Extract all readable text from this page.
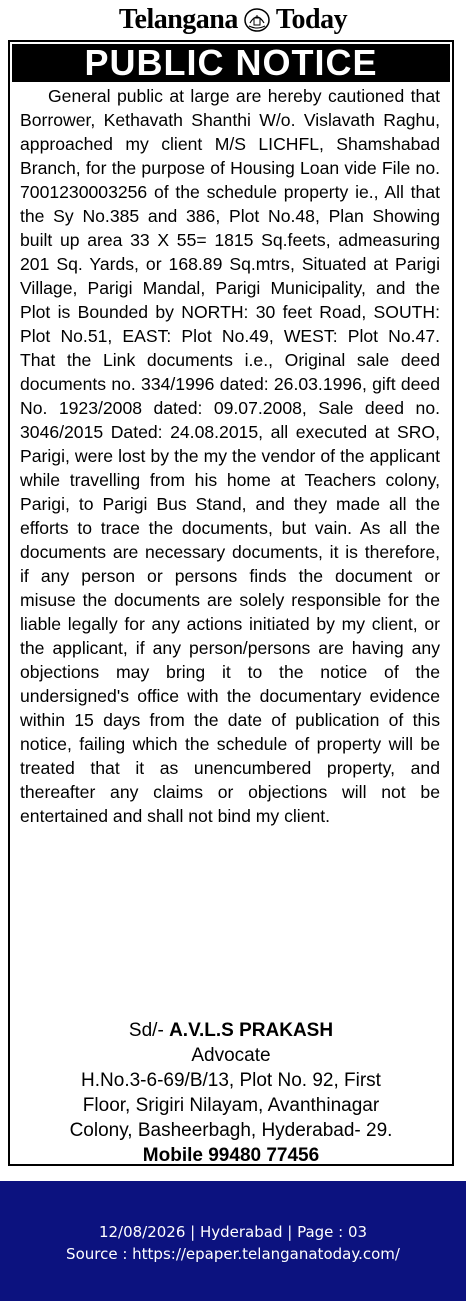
Telangana Today
PUBLIC NOTICE

General public at large are hereby cautioned that Borrower, Kethavath Shanthi W/o. Vislavath Raghu, approached my client M/S LICHFL, Shamshabad Branch, for the purpose of Housing Loan vide File no. 7001230003256 of the schedule property ie., All that the Sy No.385 and 386, Plot No.48, Plan Showing built up area 33 X 55= 1815 Sq.feets, admeasuring 201 Sq. Yards, or 168.89 Sq.mtrs, Situated at Parigi Village, Parigi Mandal, Parigi Municipality, and the Plot is Bounded by NORTH: 30 feet Road, SOUTH: Plot No.51, EAST: Plot No.49, WEST: Plot No.47. That the Link documents i.e., Original sale deed documents no. 334/1996 dated: 26.03.1996, gift deed No. 1923/2008 dated: 09.07.2008, Sale deed no. 3046/2015 Dated: 24.08.2015, all executed at SRO, Parigi, were lost by the my the vendor of the applicant while travelling from his home at Teachers colony, Parigi, to Parigi Bus Stand, and they made all the efforts to trace the documents, but vain. As all the documents are necessary documents, it is therefore, if any person or persons finds the document or misuse the documents are solely responsible for the liable legally for any actions initiated by my client, or the applicant, if any person/persons are having any objections may bring it to the notice of the undersigned's office with the documentary evidence within 15 days from the date of publication of this notice, failing which the schedule of property will be treated that it as unencumbered property, and thereafter any claims or objections will not be entertained and shall not bind my client.

Sd/- A.V.L.S PRAKASH
Advocate
H.No.3-6-69/B/13, Plot No. 92, First
Floor, Srigiri Nilayam, Avanthinagar
Colony, Basheerbagh, Hyderabad- 29.
Mobile 99480 77456
12/08/2026 | Hyderabad | Page : 03
Source : https://epaper.telanganatoday.com/
